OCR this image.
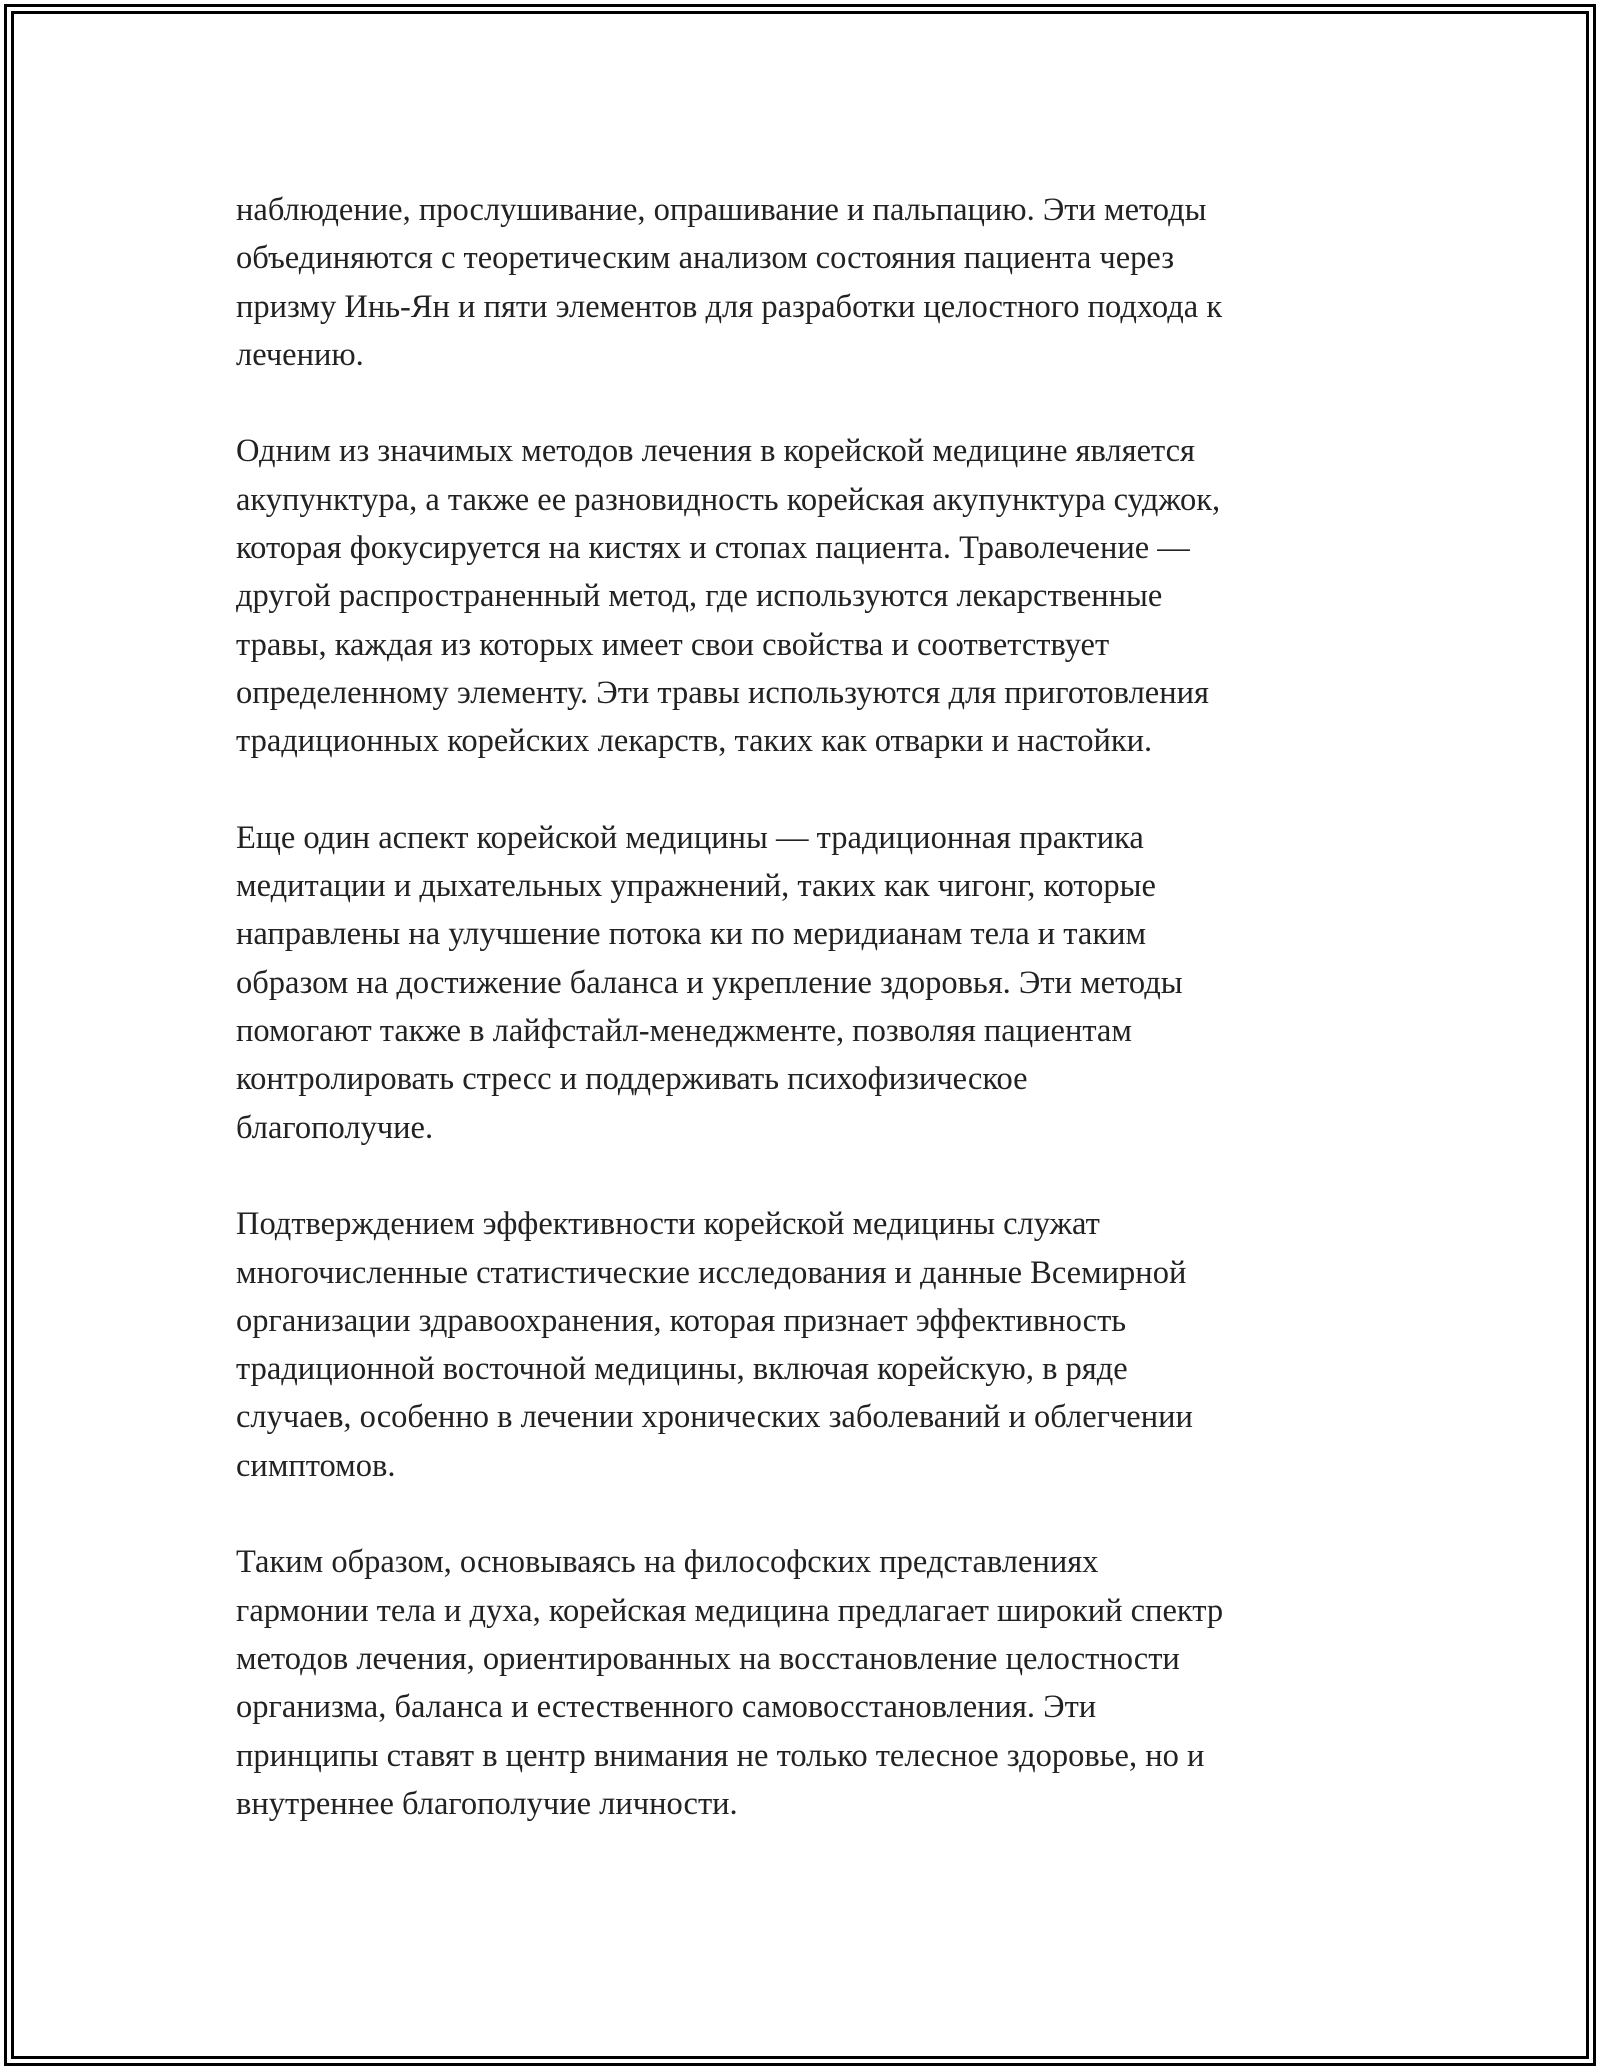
наблюдение, прослушивание, опрашивание и пальпацию. Эти методы
объединяются с теоретическим анализом состояния пациента через
призму Инь-Ян и пяти элементов для разработки целостного подхода к
лечению.

Одним из значимых методов лечения в корейской медицине является
акупунктура, а также ее разновидность корейская акупунктура суджок,
которая фокусируется на кистях и стопах пациента. Траволечение —
другой распространенный метод, где используются лекарственные
травы, каждая из которых имеет свои свойства и соответствует
определенному элементу. Эти травы используются для приготовления
традиционных корейских лекарств, таких как отварки и настойки.

Еще один аспект корейской медицины — традиционная практика
медитации и дыхательных упражнений, таких как чигонг, которые
направлены на улучшение потока ки по меридианам тела и таким
образом на достижение баланса и укрепление здоровья. Эти методы
помогают также в лайфстайл-менеджменте, позволяя пациентам
контролировать стресс и поддерживать психофизическое
благополучие.

Подтверждением эффективности корейской медицины служат
многочисленные статистические исследования и данные Всемирной
организации здравоохранения, которая признает эффективность
традиционной восточной медицины, включая корейскую, в ряде
случаев, особенно в лечении хронических заболеваний и облегчении
симптомов.

Таким образом, основываясь на философских представлениях
гармонии тела и духа, корейская медицина предлагает широкий спектр
методов лечения, ориентированных на восстановление целостности
организма, баланса и естественного самовосстановления. Эти
принципы ставят в центр внимания не только телесное здоровье, но и
внутреннее благополучие личности.
